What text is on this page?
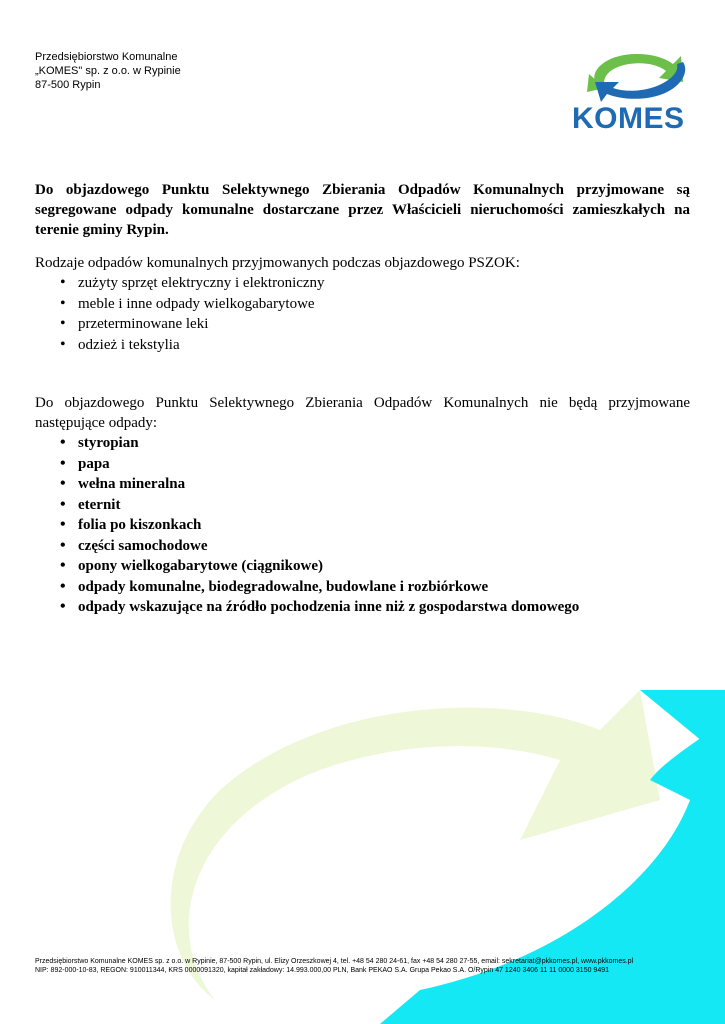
Przedsiębiorstwo Komunalne
„KOMES" sp. z o.o. w Rypinie
87-500 Rypin
KOMES

Do objazdowego Punktu Selektywnego Zbierania Odpadów Komunalnych przyjmowane są segregowane odpady komunalne dostarczane przez Właścicieli nieruchomości zamieszkałych na terenie gminy Rypin.

Rodzaje odpadów komunalnych przyjmowanych podczas objazdowego PSZOK:

• zużyty sprzęt elektryczny i elektroniczny
• meble i inne odpady wielkogabarytowe
• przeterminowane leki
• odzież i tekstylia

Do objazdowego Punktu Selektywnego Zbierania Odpadów Komunalnych nie będą przyjmowane następujące odpady:

• styropian
• papa
• wełna mineralna
• eternit
• folia po kiszonkach
• części samochodowe
• opony wielkogabarytowe (ciągnikowe)
• odpady komunalne, biodegradowalne, budowlane i rozbiórkowe
• odpady wskazujące na źródło pochodzenia inne niż z gospodarstwa domowego
Przedsiębiorstwo Komunalne KOMES sp. z o.o. w Rypinie, 87-500 Rypin, ul. Elizy Orzeszkowej 4, tel. +48 54 280 24-61, fax +48 54 280 27-55, email: sekretariat@pkkomes.pl, www.pkkomes.pl
NIP: 892-000-10-83, REGON: 910011344, KRS 0000091320, kapitał zakładowy: 14.993.000,00 PLN, Bank PEKAO S.A. Grupa Pekao S.A. O/Rypin 47 1240 3406 11 11 0000 3150 9491
